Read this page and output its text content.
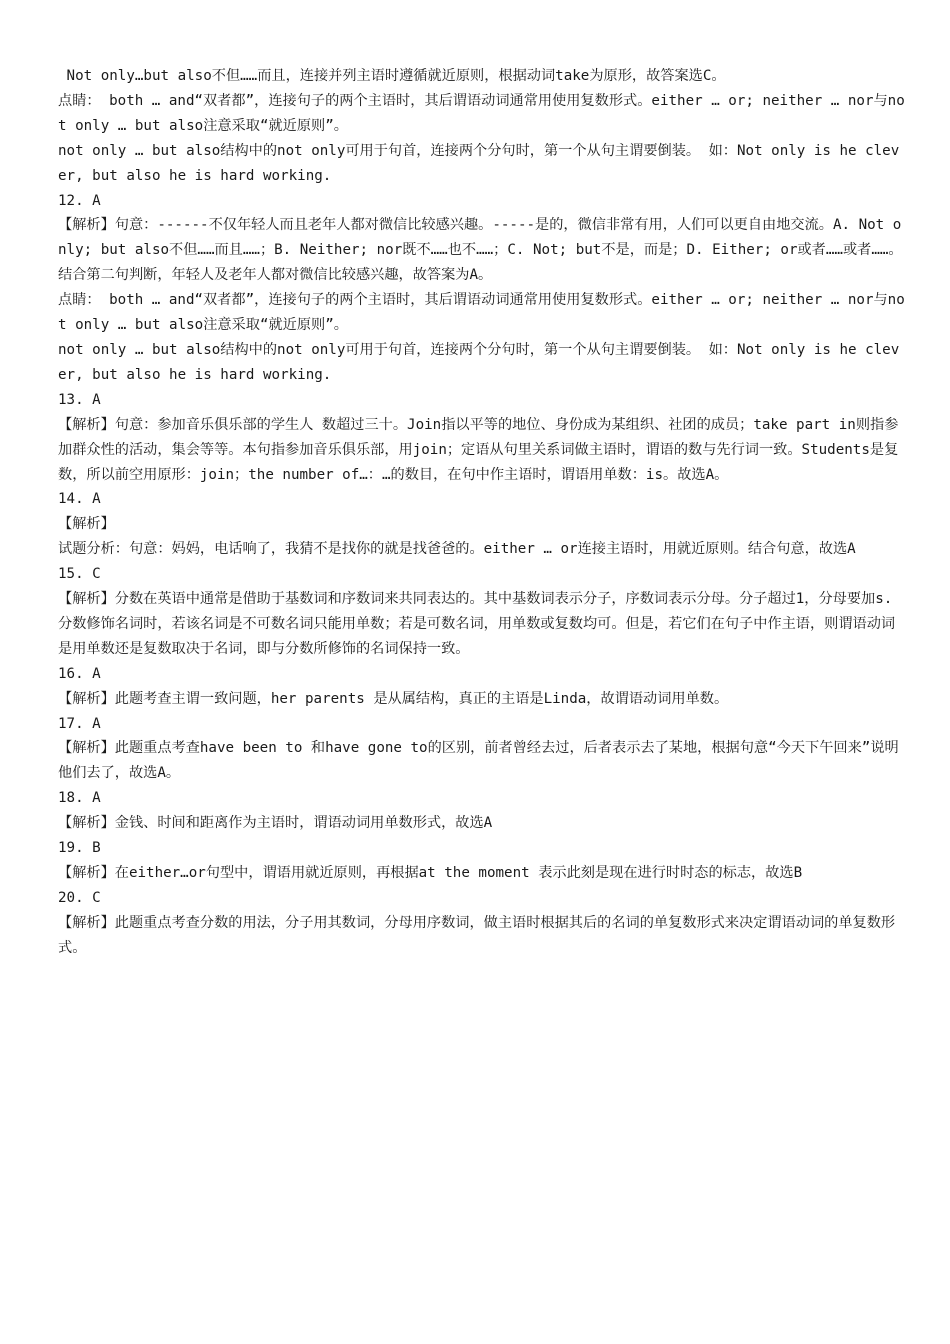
Not only…but also不但……而且，连接并列主语时遵循就近原则，根据动词take为原形，故答案选C。
点睛： both … and“双者都”，连接句子的两个主语时，其后谓语动词通常用使用复数形式。either … or; neither … nor与not only … but also注意采取“就近原则”。
not only … but also结构中的not only可用于句首，连接两个分句时，第一个从句主谓要倒装。 如：Not only is he clever, but also he is hard working.
12. A
【解析】句意：------不仅年轻人而且老年人都对微信比较感兴趣。-----是的，微信非常有用，人们可以更自由地交流。A. Not only; but also不但……而且……；B. Neither; nor既不……也不……；C. Not; but不是，而是；D. Either; or或者……或者……。结合第二句判断，年轻人及老年人都对微信比较感兴趣，故答案为A。
点睛： both … and“双者都”，连接句子的两个主语时，其后谓语动词通常用使用复数形式。either … or; neither … nor与not only … but also注意采取“就近原则”。
not only … but also结构中的not only可用于句首，连接两个分句时，第一个从句主谓要倒装。 如：Not only is he clever, but also he is hard working.
13. A
【解析】句意：参加音乐俱乐部的学生人 数超过三十。Join指以平等的地位、身份成为某组织、社团的成员；take part in则指参加群众性的活动，集会等等。本句指参加音乐俱乐部，用join；定语从句里关系词做主语时，谓语的数与先行词一致。Students是复数，所以前空用原形：join；the number of…：…的数目，在句中作主语时，谓语用单数：is。故选A。
14. A
【解析】
试题分析：句意：妈妈，电话响了，我猜不是找你的就是找爸爸的。either … or连接主语时，用就近原则。结合句意，故选A
15. C
【解析】分数在英语中通常是借助于基数词和序数词来共同表达的。其中基数词表示分子，序数词表示分母。分子超过1，分母要加s.分数修饰名词时，若该名词是不可数名词只能用单数；若是可数名词，用单数或复数均可。但是，若它们在句子中作主语，则谓语动词是用单数还是复数取决于名词，即与分数所修饰的名词保持一致。
16. A
【解析】此题考查主谓一致问题，her parents 是从属结构，真正的主语是Linda，故谓语动词用单数。
17. A
【解析】此题重点考查have been to 和have gone to的区别，前者曾经去过，后者表示去了某地，根据句意“今天下午回来”说明他们去了，故选A。
18. A
【解析】金钱、时间和距离作为主语时，谓语动词用单数形式，故选A
19. B
【解析】在either…or句型中，谓语用就近原则，再根据at the moment 表示此刻是现在进行时时态的标志，故选B
20. C
【解析】此题重点考查分数的用法，分子用其数词，分母用序数词，做主语时根据其后的名词的单复数形式来决定谓语动词的单复数形式。
